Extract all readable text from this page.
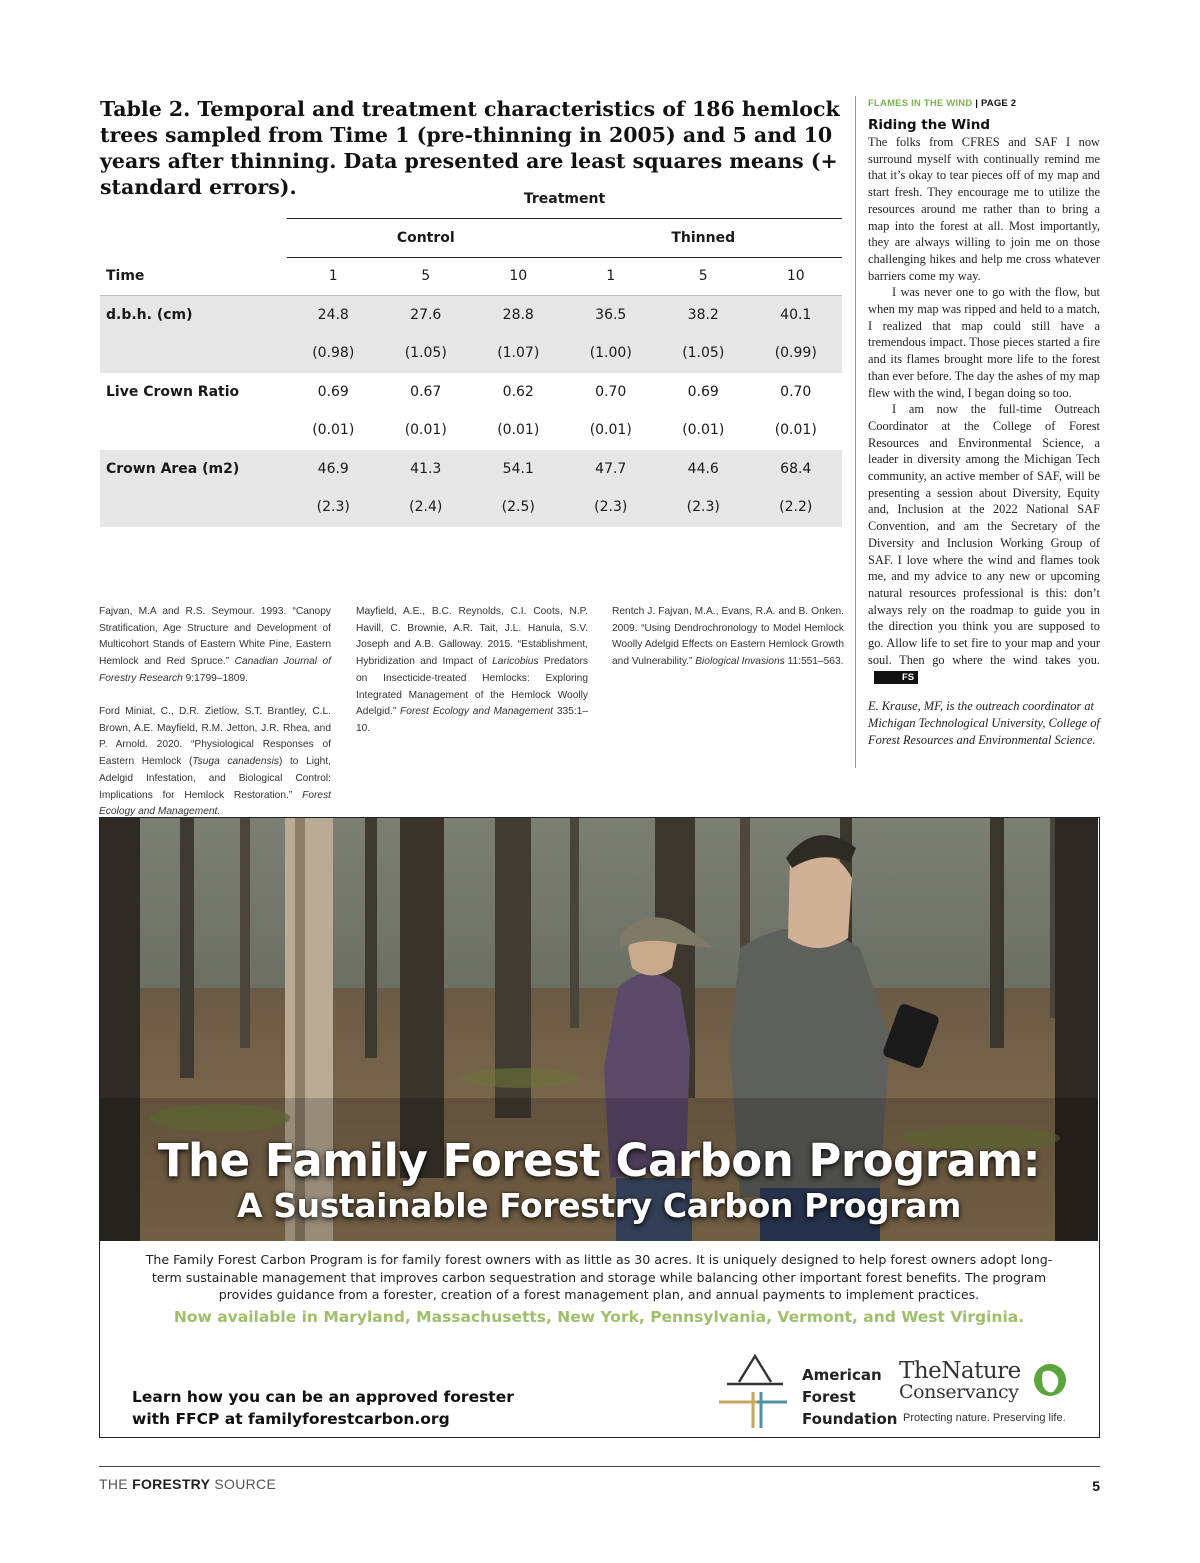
Table 2. Temporal and treatment characteristics of 186 hemlock trees sampled from Time 1 (pre-thinning in 2005) and 5 and 10 years after thinning. Data presented are least squares means (+ standard errors).
		Treatment					
	Control			Thinned		
Time	1	5	10	1	5	10
d.b.h. (cm)	24.8	27.6	28.8	36.5	38.2	40.1
	(0.98)	(1.05)	(1.07)	(1.00)	(1.05)	(0.99)
Live Crown Ratio	0.69	0.67	0.62	0.70	0.69	0.70
	(0.01)	(0.01)	(0.01)	(0.01)	(0.01)	(0.01)
Crown Area (m2)	46.9	41.3	54.1	47.7	44.6	68.4
	(2.3)	(2.4)	(2.5)	(2.3)	(2.3)	(2.2)

Fajvan, M.A and R.S. Seymour. 1993. “Canopy Stratification, Age Structure and Development of Multicohort Stands of Eastern White Pine, Eastern Hemlock and Red Spruce.” Canadian Journal of Forestry Research 9:1799–1809.

Ford Miniat, C., D.R. Zietlow, S.T. Brantley, C.L. Brown, A.E. Mayfield, R.M. Jetton, J.R. Rhea, and P. Arnold. 2020. “Physiological Responses of Eastern Hemlock (Tsuga canadensis) to Light, Adelgid Infestation, and Biological Control: Implications for Hemlock Restoration.” Forest Ecology and Management.

Mayfield, A.E., B.C. Reynolds, C.I. Coots, N.P. Havill, C. Brownie, A.R. Tait, J.L. Hanula, S.V. Joseph and A.B. Galloway. 2015. “Establishment, Hybridization and Impact of Laricobius Predators on Insecticide-treated Hemlocks: Exploring Integrated Management of the Hemlock Woolly Adelgid.” Forest Ecology and Management 335:1–10.

Rentch J. Fajvan, M.A., Evans, R.A. and B. Onken. 2009. “Using Dendrochronology to Model Hemlock Woolly Adelgid Effects on Eastern Hemlock Growth and Vulnerability.” Biological Invasions 11:551–563.

FLAMES IN THE WIND | PAGE 2
Riding the Wind

The folks from CFRES and SAF I now surround myself with continually remind me that it’s okay to tear pieces off of my map and start fresh. They encourage me to utilize the resources around me rather than to bring a map into the forest at all. Most importantly, they are always willing to join me on those challenging hikes and help me cross whatever barriers come my way.

I was never one to go with the flow, but when my map was ripped and held to a match, I realized that map could still have a tremendous impact. Those pieces started a fire and its flames brought more life to the forest than ever before. The day the ashes of my map flew with the wind, I began doing so too.

I am now the full-time Outreach Coordinator at the College of Forest Resources and Environmental Science, a leader in diversity among the Michigan Tech community, an active member of SAF, will be presenting a session about Diversity, Equity and, Inclusion at the 2022 National SAF Convention, and am the Secretary of the Diversity and Inclusion Working Group of SAF. I love where the wind and flames took me, and my advice to any new or upcoming natural resources professional is this: don’t always rely on the roadmap to guide you in the direction you think you are supposed to go. Allow life to set fire to your map and your soul. Then go where the wind takes you.FS

E. Krause, MF, is the outreach coordinator at Michigan Technological University, College of Forest Resources and Environmental Science.
The Family Forest Carbon Program:
A Sustainable Forestry Carbon Program
The Family Forest Carbon Program is for family forest owners with as little as 30 acres. It is uniquely designed to help forest owners adopt long-term sustainable management that improves carbon sequestration and storage while balancing other important forest benefits. The program provides guidance from a forester, creation of a forest management plan, and annual payments to implement practices.
Now available in Maryland, Massachusetts, New York, Pennsylvania, Vermont, and West Virginia.
Learn how you can be an approved forester
with FFCP at familyforestcarbon.org
American
Forest
Foundation
TheNature
Conservancy
Protecting nature. Preserving life.
THE FORESTRY SOURCE	5
